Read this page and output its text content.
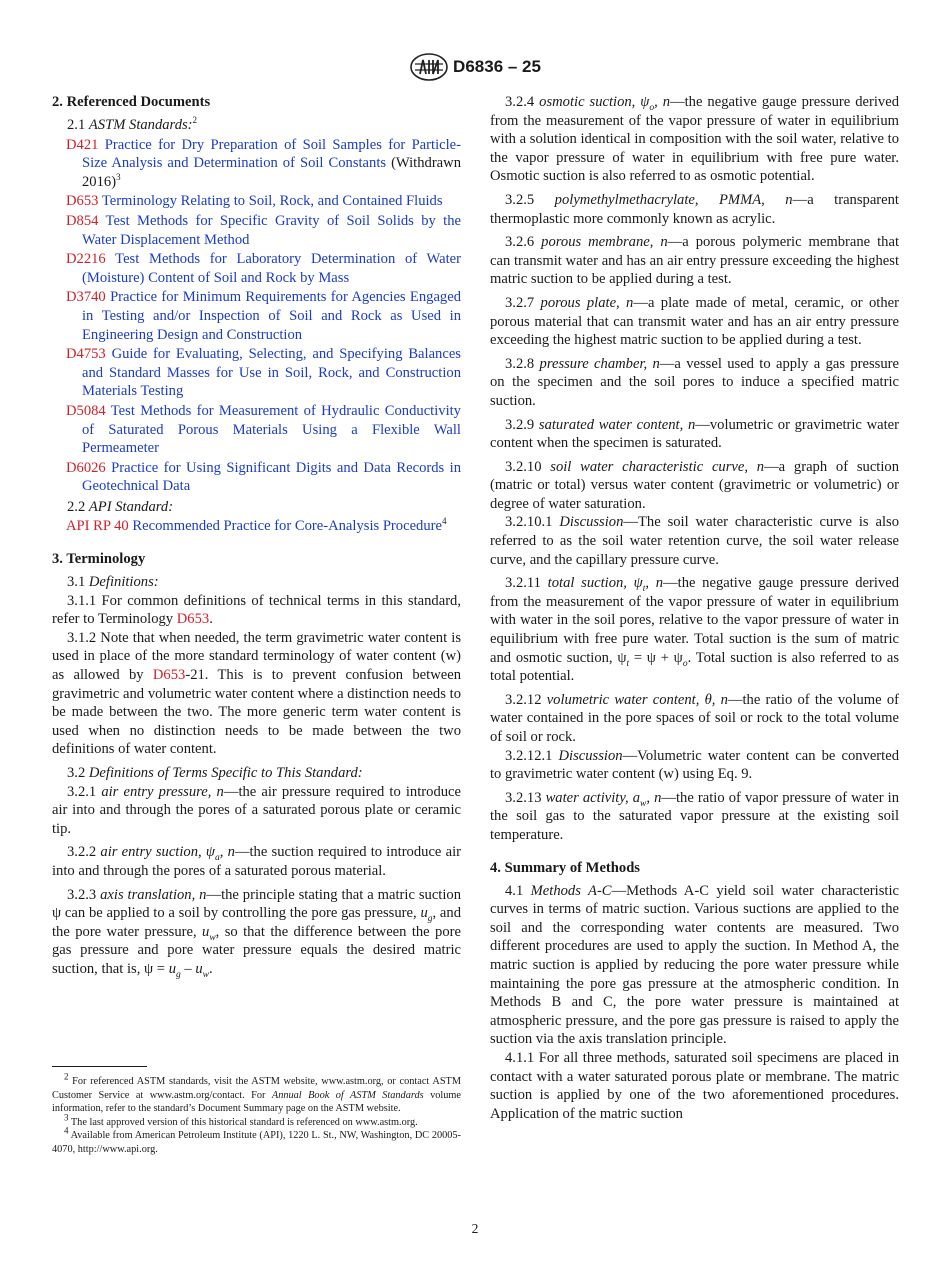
D6836 – 25
2. Referenced Documents
2.1 ASTM Standards:$^2$
D421 Practice for Dry Preparation of Soil Samples for Particle-Size Analysis and Determination of Soil Constants (Withdrawn 2016)$^3$
D653 Terminology Relating to Soil, Rock, and Contained Fluids
D854 Test Methods for Specific Gravity of Soil Solids by the Water Displacement Method
D2216 Test Methods for Laboratory Determination of Water (Moisture) Content of Soil and Rock by Mass
D3740 Practice for Minimum Requirements for Agencies Engaged in Testing and/or Inspection of Soil and Rock as Used in Engineering Design and Construction
D4753 Guide for Evaluating, Selecting, and Specifying Balances and Standard Masses for Use in Soil, Rock, and Construction Materials Testing
D5084 Test Methods for Measurement of Hydraulic Conductivity of Saturated Porous Materials Using a Flexible Wall Permeameter
D6026 Practice for Using Significant Digits and Data Records in Geotechnical Data
2.2 API Standard:
API RP 40 Recommended Practice for Core-Analysis Procedure$^4$
3. Terminology

3.1 Definitions:

3.1.1 For common definitions of technical terms in this standard, refer to Terminology D653.

3.1.2 Note that when needed, the term gravimetric water content is used in place of the more standard terminology of water content (w) as allowed by D653-21. This is to prevent confusion between gravimetric and volumetric water content where a distinction needs to be made between the two. The more generic term water content is used when no distinction needs to be made between the two definitions of water content.

3.2 Definitions of Terms Specific to This Standard:

3.2.1 air entry pressure, n—the air pressure required to introduce air into and through the pores of a saturated porous plate or ceramic tip.

3.2.2 air entry suction, $\psi_a$, n—the suction required to introduce air into and through the pores of a saturated porous material.

3.2.3 axis translation, n—the principle stating that a matric suction ψ can be applied to a soil by controlling the pore gas pressure, $u_g$, and the pore water pressure, $u_w$, so that the difference between the pore gas pressure and pore water pressure equals the desired matric suction, that is, $\psi = u_g - u_w$.

$^2$ For referenced ASTM standards, visit the ASTM website, www.astm.org, or contact ASTM Customer Service at www.astm.org/contact. For Annual Book of ASTM Standards volume information, refer to the standard’s Document Summary page on the ASTM website.
$^3$ The last approved version of this historical standard is referenced on www.astm.org.
$^4$ Available from American Petroleum Institute (API), 1220 L. St., NW, Washington, DC 20005-4070, http://www.api.org.

3.2.4 osmotic suction, $\psi_o$, n—the negative gauge pressure derived from the measurement of the vapor pressure of water in equilibrium with a solution identical in composition with the soil water, relative to the vapor pressure of water in equilibrium with free pure water. Osmotic suction is also referred to as osmotic potential.

3.2.5 polymethylmethacrylate, PMMA, n—a transparent thermoplastic more commonly known as acrylic.

3.2.6 porous membrane, n—a porous polymeric membrane that can transmit water and has an air entry pressure exceeding the highest matric suction to be applied during a test.

3.2.7 porous plate, n—a plate made of metal, ceramic, or other porous material that can transmit water and has an air entry pressure exceeding the highest matric suction to be applied during a test.

3.2.8 pressure chamber, n—a vessel used to apply a gas pressure on the specimen and the soil pores to induce a specified matric suction.

3.2.9 saturated water content, n—volumetric or gravimetric water content when the specimen is saturated.

3.2.10 soil water characteristic curve, n—a graph of suction (matric or total) versus water content (gravimetric or volumetric) or degree of water saturation.

3.2.10.1 Discussion—The soil water characteristic curve is also referred to as the soil water retention curve, the soil water release curve, and the capillary pressure curve.

3.2.11 total suction, $\psi_t$, n—the negative gauge pressure derived from the measurement of the vapor pressure of water in equilibrium with water in the soil pores, relative to the vapor pressure of water in equilibrium with free pure water. Total suction is the sum of matric and osmotic suction, $\psi_t = \psi + \psi_o$. Total suction is also referred to as total potential.

3.2.12 volumetric water content, θ, n—the ratio of the volume of water contained in the pore spaces of soil or rock to the total volume of soil or rock.

3.2.12.1 Discussion—Volumetric water content can be converted to gravimetric water content (w) using Eq. 9.

3.2.13 water activity, $a_w$, n—the ratio of vapor pressure of water in the soil gas to the saturated vapor pressure at the existing soil temperature.

4. Summary of Methods

4.1 Methods A-C—Methods A-C yield soil water characteristic curves in terms of matric suction. Various suctions are applied to the soil and the corresponding water contents are measured. Two different procedures are used to apply the suction. In Method A, the matric suction is applied by reducing the pore water pressure while maintaining the pore gas pressure at the atmospheric condition. In Methods B and C, the pore water pressure is maintained at atmospheric pressure, and the pore gas pressure is raised to apply the suction via the axis translation principle.

4.1.1 For all three methods, saturated soil specimens are placed in contact with a water saturated porous plate or membrane. The matric suction is applied by one of the two aforementioned procedures. Application of the matric suction

2
